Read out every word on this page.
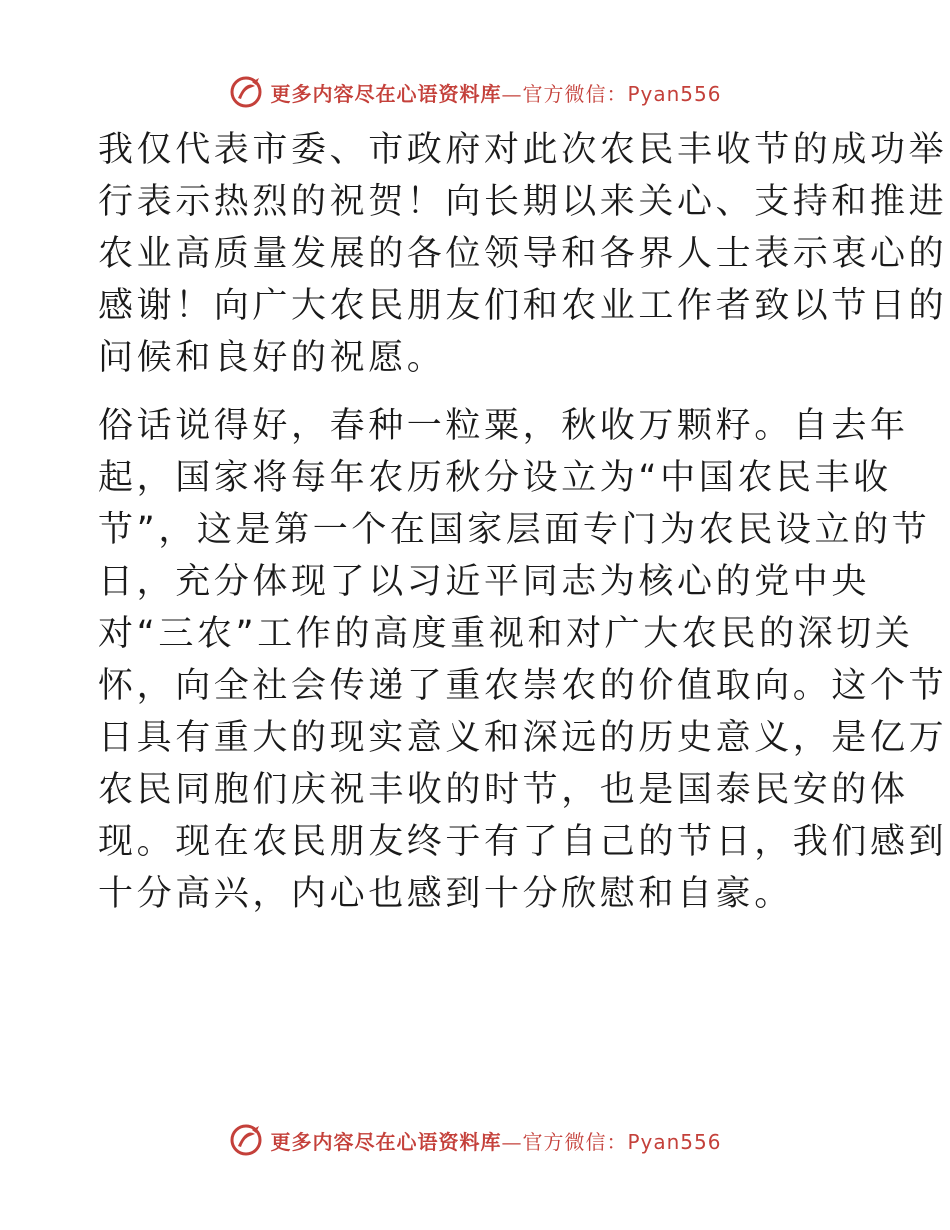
更多内容尽在心语资料库—官方微信：Pyan556

我仅代表市委、市政府对此次农民丰收节的成功举
行表示热烈的祝贺！向长期以来关心、支持和推进
农业高质量发展的各位领导和各界人士表示衷心的
感谢！向广大农民朋友们和农业工作者致以节日的
问候和良好的祝愿。

俗话说得好，春种一粒粟，秋收万颗籽。自去年
起，国家将每年农历秋分设立为“中国农民丰收
节”，这是第一个在国家层面专门为农民设立的节
日，充分体现了以习近平同志为核心的党中央
对“三农”工作的高度重视和对广大农民的深切关
怀，向全社会传递了重农崇农的价值取向。这个节
日具有重大的现实意义和深远的历史意义，是亿万
农民同胞们庆祝丰收的时节，也是国泰民安的体
现。现在农民朋友终于有了自己的节日，我们感到
十分高兴，内心也感到十分欣慰和自豪。

更多内容尽在心语资料库—官方微信：Pyan556
